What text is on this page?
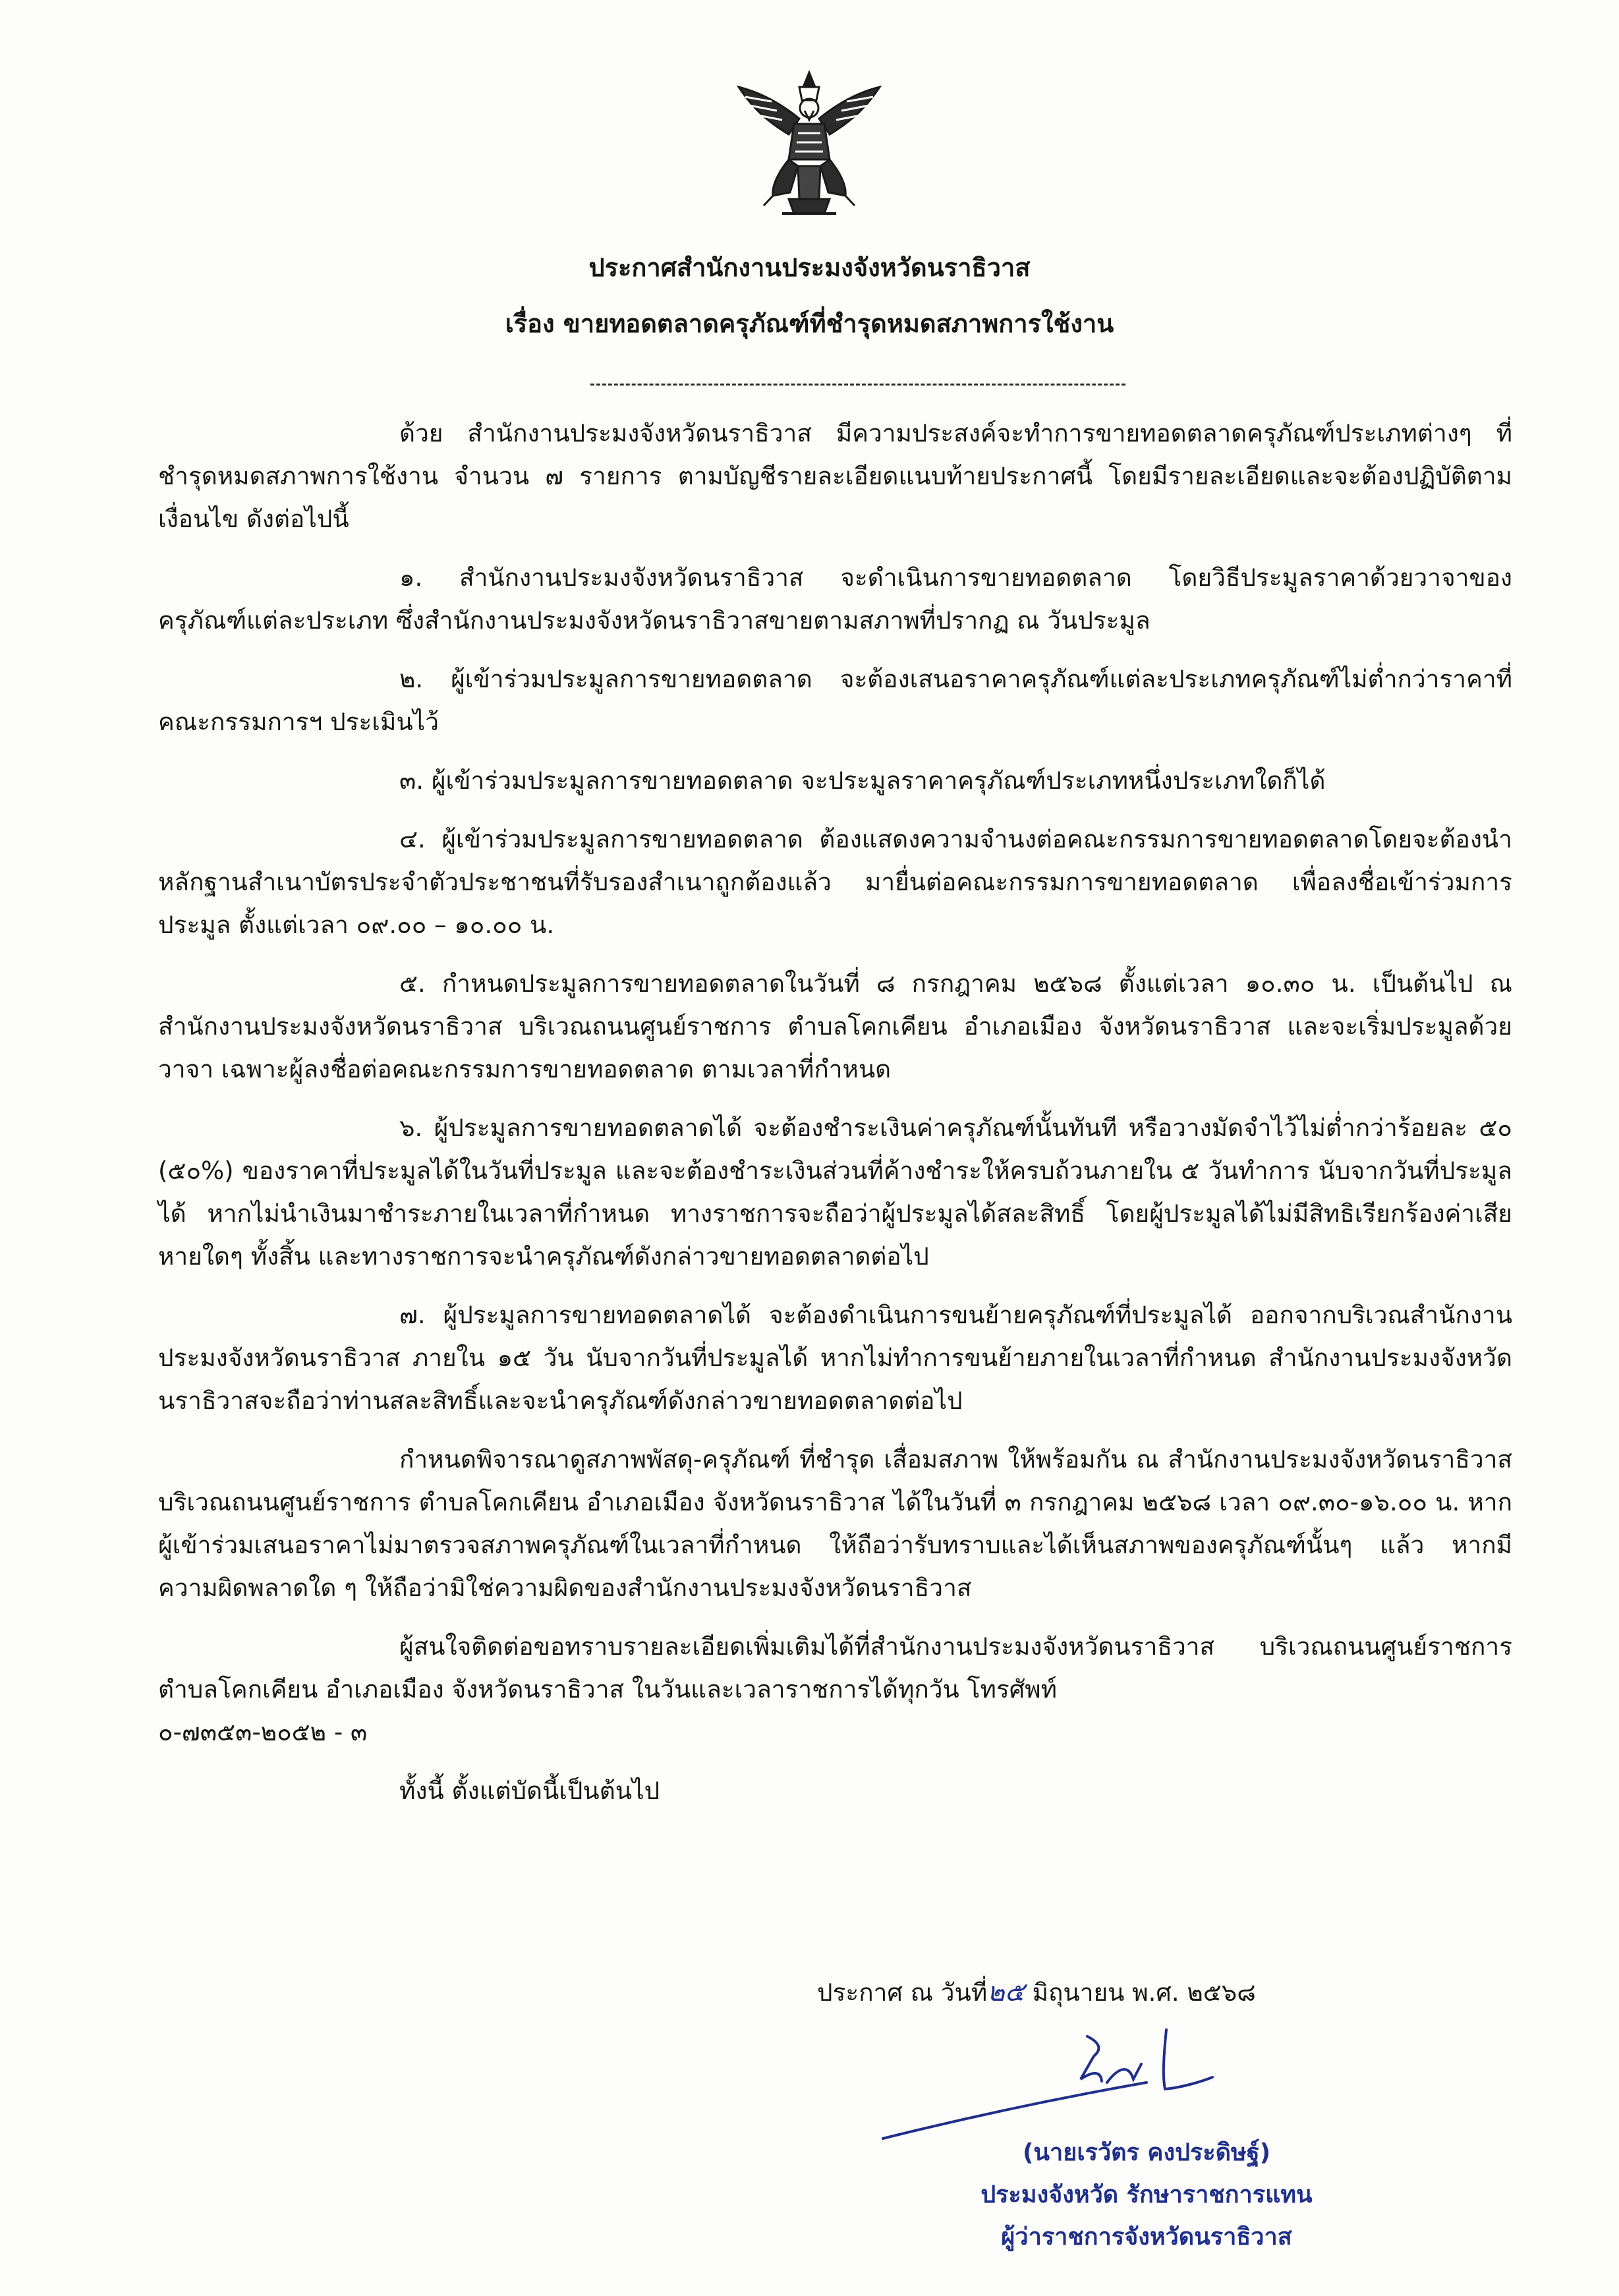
ประกาศสำนักงานประมงจังหวัดนราธิวาส
เรื่อง ขายทอดตลาดครุภัณฑ์ที่ชำรุดหมดสภาพการใช้งาน

ด้วย สำนักงานประมงจังหวัดนราธิวาส มีความประสงค์จะทำการขายทอดตลาดครุภัณฑ์ประเภทต่างๆ ที่ชำรุดหมดสภาพการใช้งาน จำนวน ๗ รายการ ตามบัญชีรายละเอียดแนบท้ายประกาศนี้ โดยมีรายละเอียดและจะต้องปฏิบัติตามเงื่อนไข ดังต่อไปนี้

๑. สำนักงานประมงจังหวัดนราธิวาส จะดำเนินการขายทอดตลาด โดยวิธีประมูลราคาด้วยวาจาของครุภัณฑ์แต่ละประเภท ซึ่งสำนักงานประมงจังหวัดนราธิวาสขายตามสภาพที่ปรากฏ ณ วันประมูล

๒. ผู้เข้าร่วมประมูลการขายทอดตลาด จะต้องเสนอราคาครุภัณฑ์แต่ละประเภทครุภัณฑ์ไม่ต่ำกว่าราคาที่คณะกรรมการฯ ประเมินไว้

๓. ผู้เข้าร่วมประมูลการขายทอดตลาด จะประมูลราคาครุภัณฑ์ประเภทหนึ่งประเภทใดก็ได้

๔. ผู้เข้าร่วมประมูลการขายทอดตลาด ต้องแสดงความจำนงต่อคณะกรรมการขายทอดตลาดโดยจะต้องนำหลักฐานสำเนาบัตรประจำตัวประชาชนที่รับรองสำเนาถูกต้องแล้ว มายื่นต่อคณะกรรมการขายทอดตลาด เพื่อลงชื่อเข้าร่วมการประมูล ตั้งแต่เวลา ๐๙.๐๐ – ๑๐.๐๐ น.

๕. กำหนดประมูลการขายทอดตลาดในวันที่ ๘ กรกฎาคม ๒๕๖๘ ตั้งแต่เวลา ๑๐.๓๐ น. เป็นต้นไป ณ สำนักงานประมงจังหวัดนราธิวาส บริเวณถนนศูนย์ราชการ ตำบลโคกเคียน อำเภอเมือง จังหวัดนราธิวาส และจะเริ่มประมูลด้วยวาจา เฉพาะผู้ลงชื่อต่อคณะกรรมการขายทอดตลาด ตามเวลาที่กำหนด

๖. ผู้ประมูลการขายทอดตลาดได้ จะต้องชำระเงินค่าครุภัณฑ์นั้นทันที หรือวางมัดจำไว้ไม่ต่ำกว่าร้อยละ ๕๐ (๕๐%) ของราคาที่ประมูลได้ในวันที่ประมูล และจะต้องชำระเงินส่วนที่ค้างชำระให้ครบถ้วนภายใน ๕ วันทำการ นับจากวันที่ประมูลได้ หากไม่นำเงินมาชำระภายในเวลาที่กำหนด ทางราชการจะถือว่าผู้ประมูลได้สละสิทธิ์ โดยผู้ประมูลได้ไม่มีสิทธิเรียกร้องค่าเสียหายใดๆ ทั้งสิ้น และทางราชการจะนำครุภัณฑ์ดังกล่าวขายทอดตลาดต่อไป

๗. ผู้ประมูลการขายทอดตลาดได้ จะต้องดำเนินการขนย้ายครุภัณฑ์ที่ประมูลได้ ออกจากบริเวณสำนักงานประมงจังหวัดนราธิวาส ภายใน ๑๕ วัน นับจากวันที่ประมูลได้ หากไม่ทำการขนย้ายภายในเวลาที่กำหนด สำนักงานประมงจังหวัดนราธิวาสจะถือว่าท่านสละสิทธิ์และจะนำครุภัณฑ์ดังกล่าวขายทอดตลาดต่อไป

กำหนดพิจารณาดูสภาพพัสดุ-ครุภัณฑ์ ที่ชำรุด เสื่อมสภาพ ให้พร้อมกัน ณ สำนักงานประมงจังหวัดนราธิวาส บริเวณถนนศูนย์ราชการ ตำบลโคกเคียน อำเภอเมือง จังหวัดนราธิวาส ได้ในวันที่ ๓ กรกฎาคม ๒๕๖๘ เวลา ๐๙.๓๐-๑๖.๐๐ น. หากผู้เข้าร่วมเสนอราคาไม่มาตรวจสภาพครุภัณฑ์ในเวลาที่กำหนด ให้ถือว่ารับทราบและได้เห็นสภาพของครุภัณฑ์นั้นๆ แล้ว หากมีความผิดพลาดใด ๆ ให้ถือว่ามิใช่ความผิดของสำนักงานประมงจังหวัดนราธิวาส

ผู้สนใจติดต่อขอทราบรายละเอียดเพิ่มเติมได้ที่สำนักงานประมงจังหวัดนราธิวาส บริเวณถนนศูนย์ราชการ ตำบลโคกเคียน อำเภอเมือง จังหวัดนราธิวาส ในวันและเวลาราชการได้ทุกวัน โทรศัพท์

๐-๗๓๕๓-๒๐๕๒ - ๓

ทั้งนี้ ตั้งแต่บัดนี้เป็นต้นไป

ประกาศ ณ วันที่๒๕ มิถุนายน พ.ศ. ๒๕๖๘
(นายเรวัตร คงประดิษฐ์)
ประมงจังหวัด รักษาราชการแทน
ผู้ว่าราชการจังหวัดนราธิวาส
